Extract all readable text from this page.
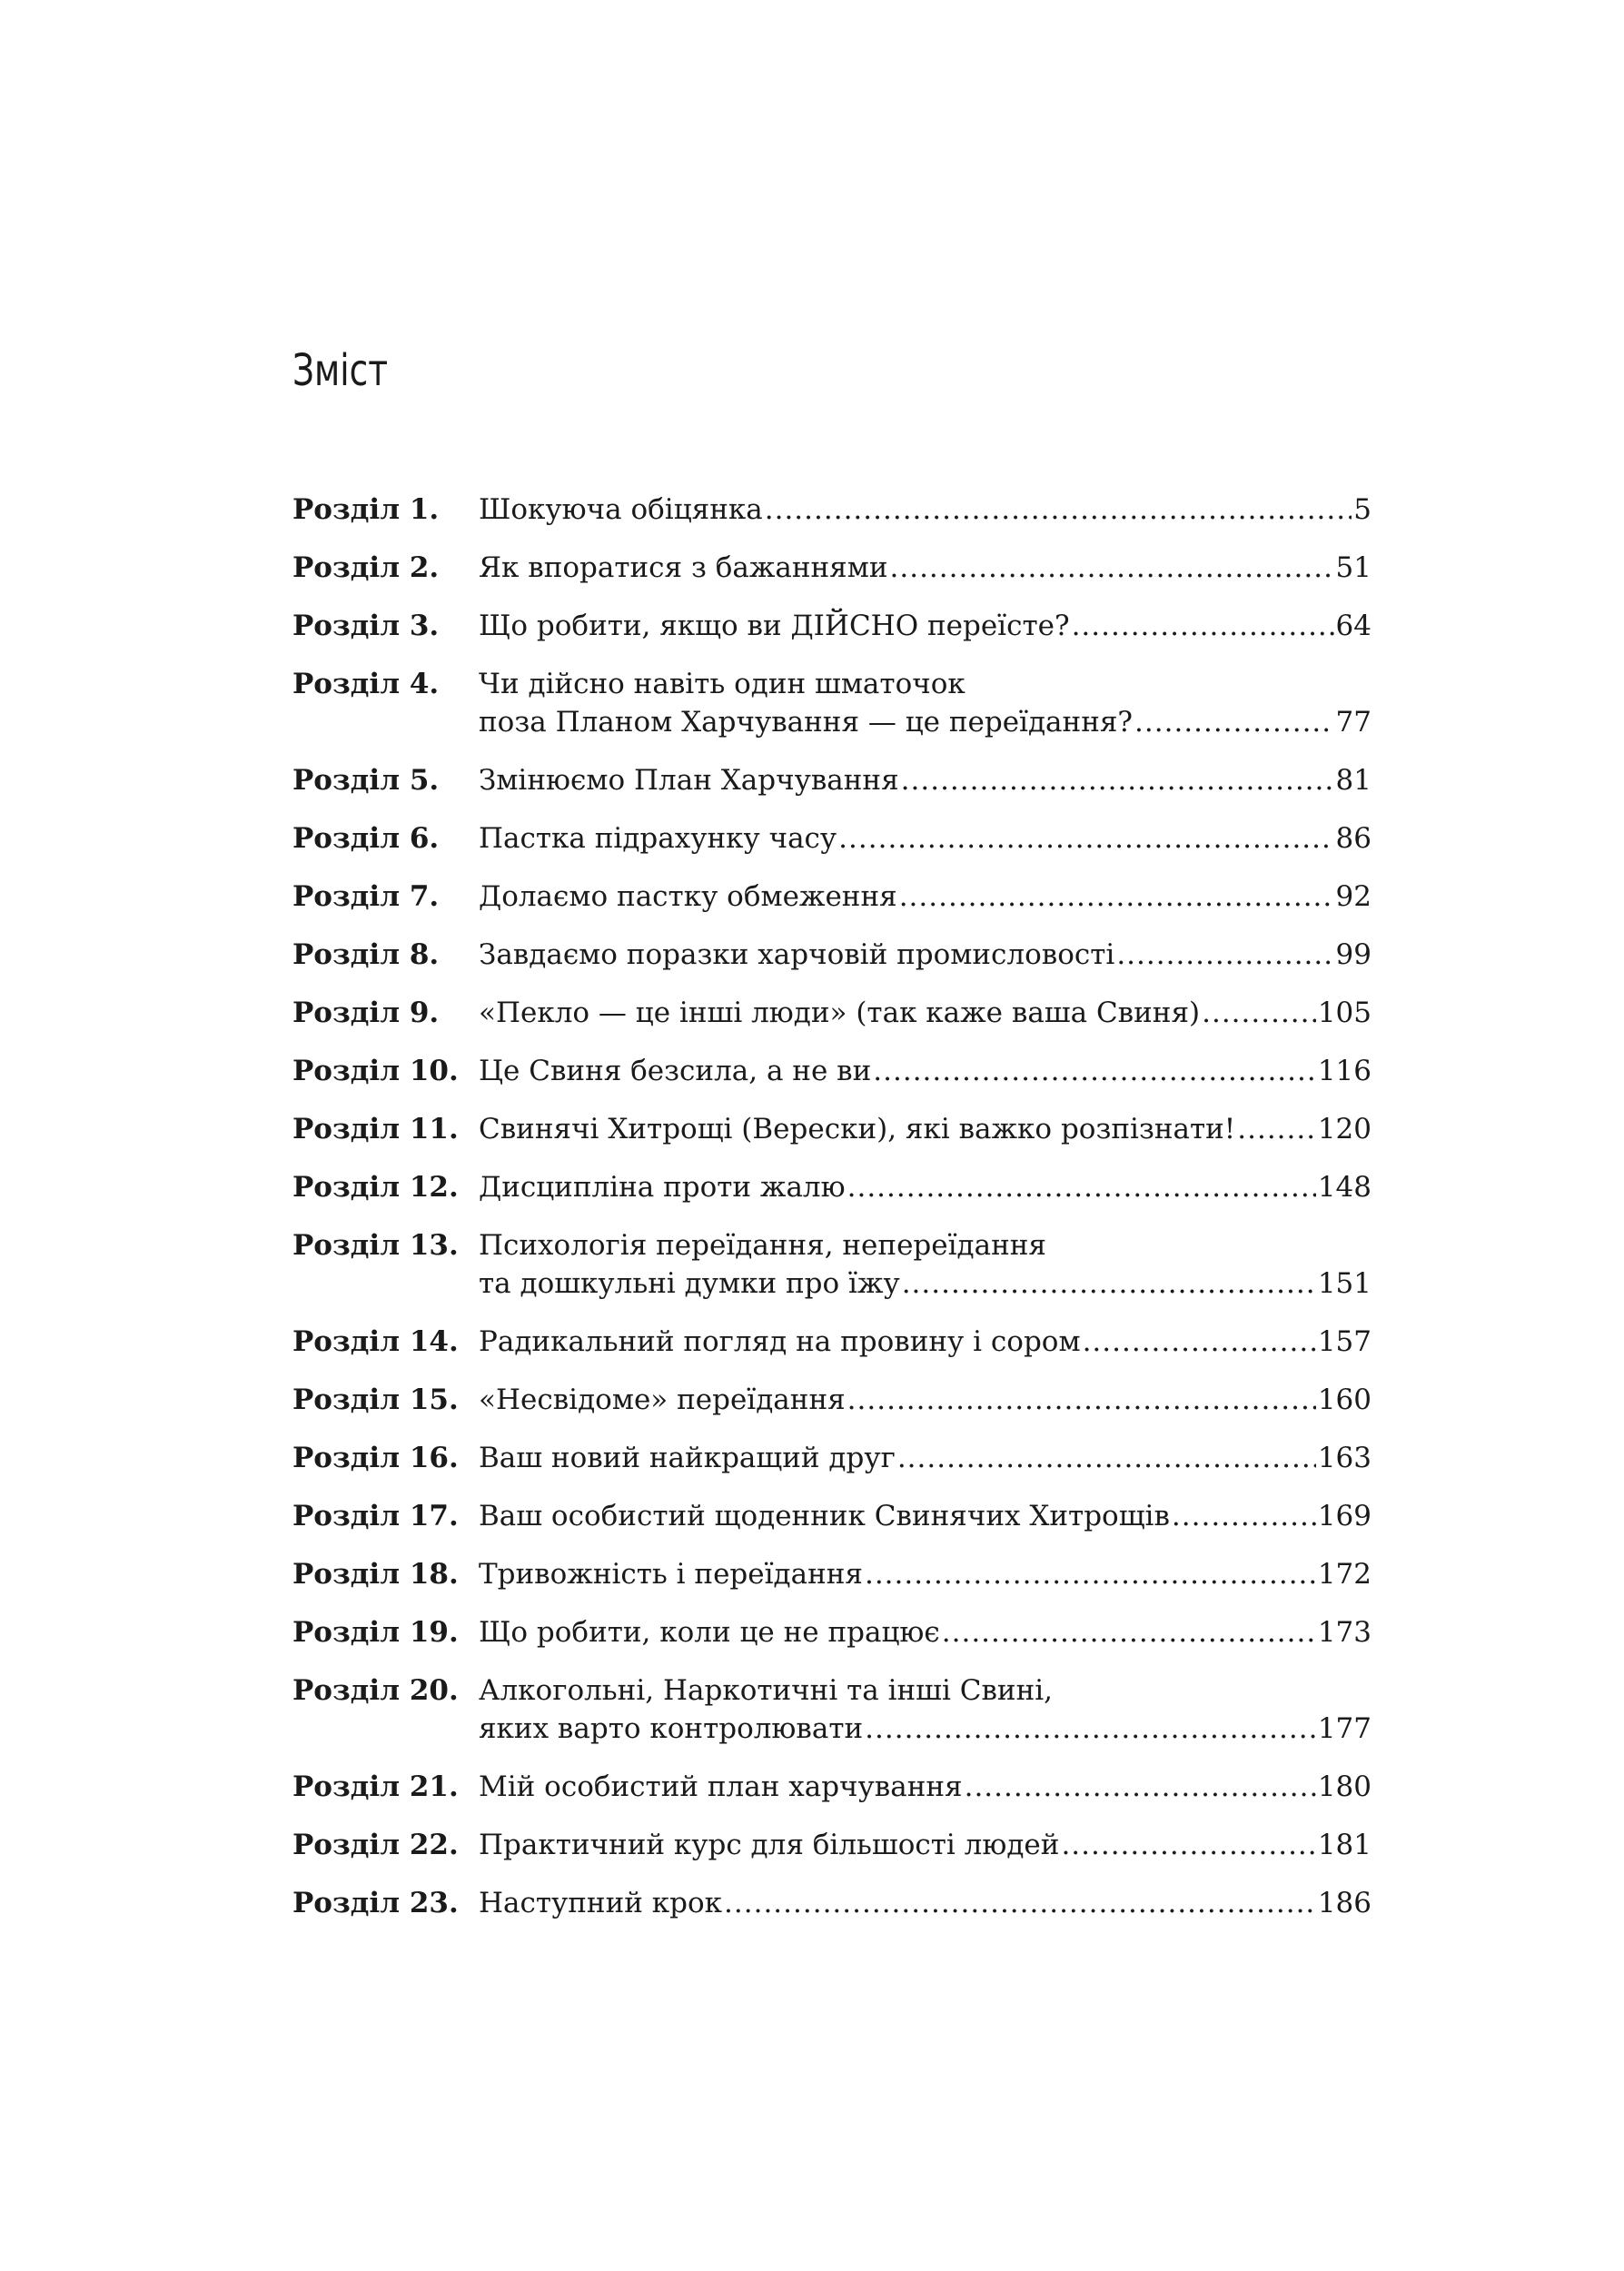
Зміст
Розділ 1.	Шокуюча обіцянка .....	5
Розділ 2.	Як впоратися з бажаннями .....	51
Розділ 3.	Що робити, якщо ви ДІЙСНО переїсте? .....	64
Розділ 4.	Чи дійсно навіть один шматочок
поза Планом Харчування — це переїдання? .....	77
Розділ 5.	Змінюємо План Харчування .....	81
Розділ 6.	Пастка підрахунку часу .....	86
Розділ 7.	Долаємо пастку обмеження .....	92
Розділ 8.	Завдаємо поразки харчовій промисловості .....	99
Розділ 9.	«Пекло — це інші люди» (так каже ваша Свиня) .....	105
Розділ 10. Це Свиня безсила, а не ви .....	116
Розділ 11. Свинячі Хитрощі (Верески), які важко розпізнати! .....	120
Розділ 12. Дисципліна проти жалю .....	148
Розділ 13. Психологія переїдання, непереїдання
та дошкульні думки про їжу .....	151
Розділ 14. Радикальний погляд на провину і сором .....	157
Розділ 15. «Несвідоме» переїдання .....	160
Розділ 16. Ваш новий найкращий друг .....	163
Розділ 17. Ваш особистий щоденник Свинячих Хитрощів .....	169
Розділ 18. Тривожність і переїдання .....	172
Розділ 19. Що робити, коли це не працює .....	173
Розділ 20. Алкогольні, Наркотичні та інші Свині,
яких варто контролювати .....	177
Розділ 21. Мій особистий план харчування .....	180
Розділ 22. Практичний курс для більшості людей .....	181
Розділ 23. Наступний крок .....	186
